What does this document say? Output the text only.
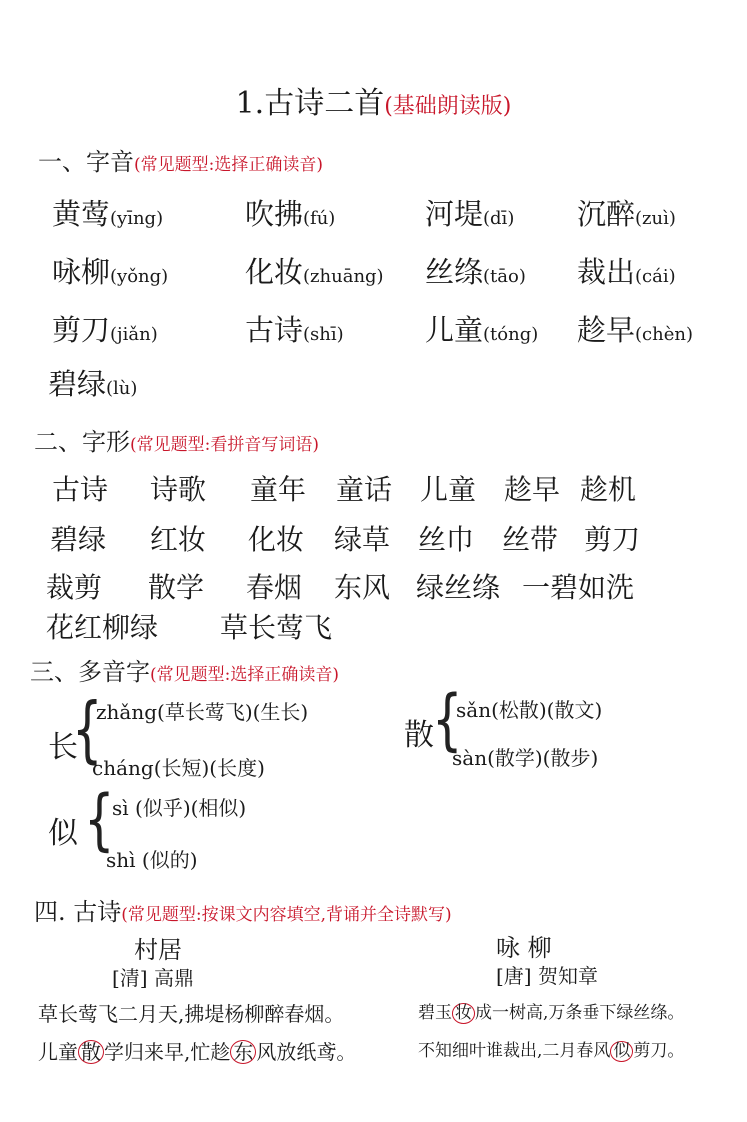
1.古诗二首(基础朗读版)
一、字音(常见题型:选择正确读音)
黄莺(yīng)	吹拂(fú)	河堤(dī) 沉醉(zuì)
咏柳(yǒng)	化妆(zhuāng) 丝绦(tāo) 裁出(cái)
剪刀(jiǎn)	古诗(shī)	儿童(tóng) 趁早(chèn)
碧绿(lù)
二、字形(常见题型:看拼音写词语)
古诗 诗歌 童年 童话 儿童 趁早 趁机
碧绿 红妆 化妆 绿草 丝巾 丝带 剪刀
裁剪 散学 春烟 东风 绿丝绦 一碧如洗
花红柳绿 草长莺飞
三、多音字(常见题型:选择正确读音)
长
{
zhǎng(草长莺飞)(生长)
cháng(长短)(长度)
散
{
sǎn(松散)(散文)
sàn(散学)(散步)
似 {
sì (似乎)(相似)
shì (似的)
四. 古诗(常见题型:按课文内容填空,背诵并全诗默写)
村居
[清] 高鼎
草长莺飞二月天,拂堤杨柳醉春烟。
儿童 散 学归来早,忙趁 东 风放纸鸢。
咏 柳
[唐] 贺知章
碧玉 妆 成一树高,万条垂下绿丝绦。
不知细叶谁裁出,二月春风 似 剪刀。
